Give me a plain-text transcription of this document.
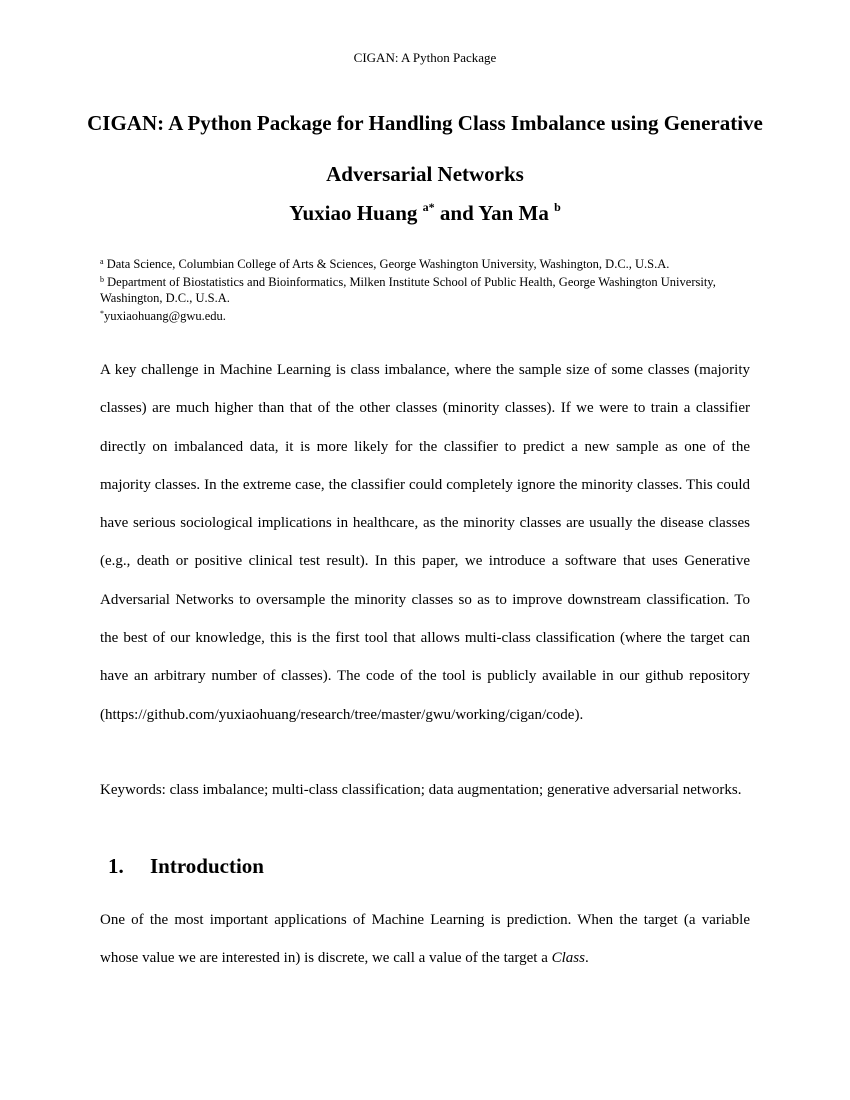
CIGAN: A Python Package
CIGAN: A Python Package for Handling Class Imbalance using Generative Adversarial Networks
Yuxiao Huang $^{a*}$ and Yan Ma $^b$
$^a$ Data Science, Columbian College of Arts & Sciences, George Washington University, Washington, D.C., U.S.A.
$^b$ Department of Biostatistics and Bioinformatics, Milken Institute School of Public Health, George Washington University, Washington, D.C., U.S.A.
*yuxiaohuang@gwu.edu.

A key challenge in Machine Learning is class imbalance, where the sample size of some classes (majority classes) are much higher than that of the other classes (minority classes). If we were to train a classifier directly on imbalanced data, it is more likely for the classifier to predict a new sample as one of the majority classes. In the extreme case, the classifier could completely ignore the minority classes. This could have serious sociological implications in healthcare, as the minority classes are usually the disease classes (e.g., death or positive clinical test result). In this paper, we introduce a software that uses Generative Adversarial Networks to oversample the minority classes so as to improve downstream classification. To the best of our knowledge, this is the first tool that allows multi-class classification (where the target can have an arbitrary number of classes). The code of the tool is publicly available in our github repository (https://github.com/yuxiaohuang/research/tree/master/gwu/working/cigan/code).

Keywords: class imbalance; multi-class classification; data augmentation; generative adversarial networks.

1. Introduction

One of the most important applications of Machine Learning is prediction. When the target (a variable whose value we are interested in) is discrete, we call a value of the target a Class.
